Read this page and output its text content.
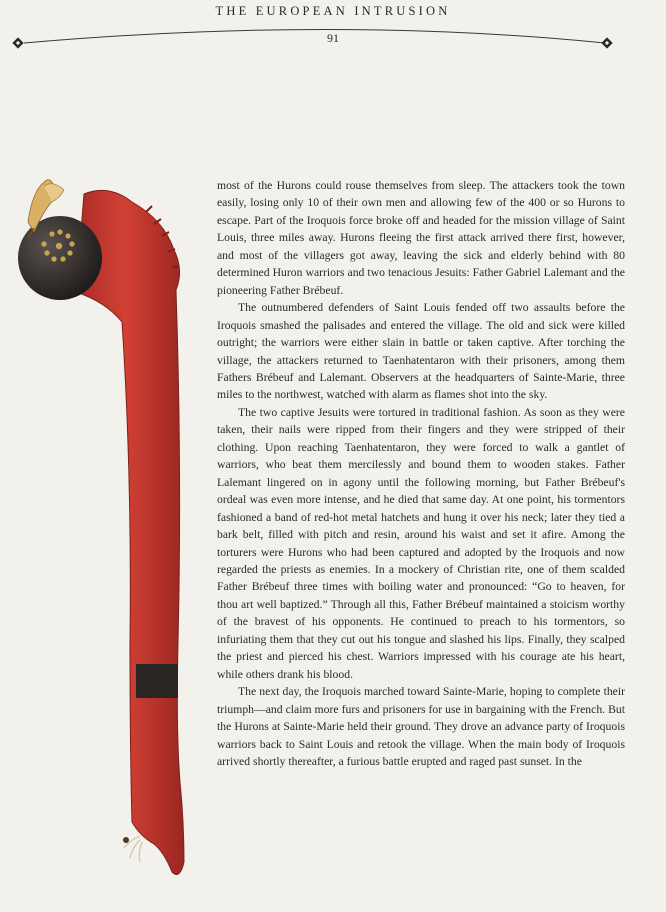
THE EUROPEAN INTRUSION
91

most of the Hurons could rouse themselves from sleep. The attackers took the town easily, losing only 10 of their own men and allowing few of the 400 or so Hurons to escape. Part of the Iroquois force broke off and headed for the mission village of Saint Louis, three miles away. Hurons fleeing the first attack arrived there first, however, and most of the villagers got away, leaving the sick and elderly behind with 80 determined Huron warriors and two tenacious Jesuits: Father Gabriel Lalemant and the pioneering Father Brébeuf.

The outnumbered defenders of Saint Louis fended off two assaults before the Iroquois smashed the palisades and entered the village. The old and sick were killed outright; the warriors were either slain in battle or taken captive. After torching the village, the attackers returned to Taenhatentaron with their prisoners, among them Fathers Brébeuf and Lalemant. Observers at the headquarters of Sainte-Marie, three miles to the northwest, watched with alarm as flames shot into the sky.

The two captive Jesuits were tortured in traditional fashion. As soon as they were taken, their nails were ripped from their fingers and they were stripped of their clothing. Upon reaching Taenhatentaron, they were forced to walk a gantlet of warriors, who beat them mercilessly and bound them to wooden stakes. Father Lalemant lingered on in agony until the following morning, but Father Brébeuf's ordeal was even more intense, and he died that same day. At one point, his tormentors fashioned a band of red-hot metal hatchets and hung it over his neck; later they tied a bark belt, filled with pitch and resin, around his waist and set it afire. Among the torturers were Hurons who had been captured and adopted by the Iroquois and now regarded the priests as enemies. In a mockery of Christian rite, one of them scalded Father Brébeuf three times with boiling water and pronounced: “Go to heaven, for thou art well baptized.” Through all this, Father Brébeuf maintained a stoicism worthy of the bravest of his opponents. He continued to preach to his tormentors, so infuriating them that they cut out his tongue and slashed his lips. Finally, they scalped the priest and pierced his chest. Warriors impressed with his courage ate his heart, while others drank his blood.

The next day, the Iroquois marched toward Sainte-Marie, hoping to complete their triumph—and claim more furs and prisoners for use in bargaining with the French. But the Hurons at Sainte-Marie held their ground. They drove an advance party of Iroquois warriors back to Saint Louis and retook the village. When the main body of Iroquois arrived shortly thereafter, a furious battle erupted and raged past sunset. In the
